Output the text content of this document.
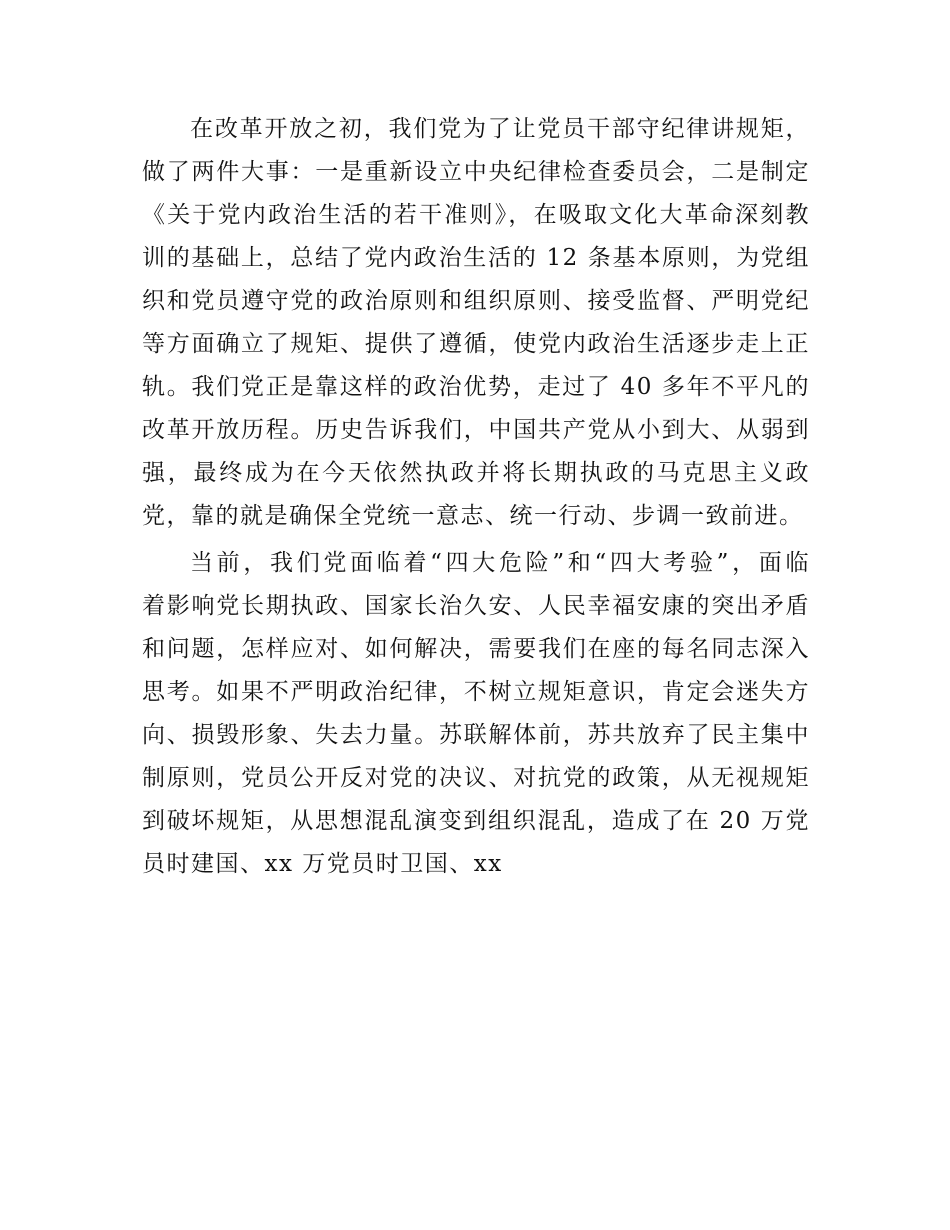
在改革开放之初，我们党为了让党员干部守纪律讲规矩，
做了两件大事：一是重新设立中央纪律检查委员会，二是制定
《关于党内政治生活的若干准则》，在吸取文化大革命深刻教
训的基础上，总结了党内政治生活的 12 条基本原则，为党组
织和党员遵守党的政治原则和组织原则、接受监督、严明党纪
等方面确立了规矩、提供了遵循，使党内政治生活逐步走上正
轨。我们党正是靠这样的政治优势，走过了 40 多年不平凡的
改革开放历程。历史告诉我们，中国共产党从小到大、从弱到
强，最终成为在今天依然执政并将长期执政的马克思主义政
党，靠的就是确保全党统一意志、统一行动、步调一致前进。

当前，我们党面临着“四大危险”和“四大考验”，面临
着影响党长期执政、国家长治久安、人民幸福安康的突出矛盾
和问题，怎样应对、如何解决，需要我们在座的每名同志深入
思考。如果不严明政治纪律，不树立规矩意识，肯定会迷失方
向、损毁形象、失去力量。苏联解体前，苏共放弃了民主集中
制原则，党员公开反对党的决议、对抗党的政策，从无视规矩
到破坏规矩，从思想混乱演变到组织混乱，造成了在 20 万党
员时建国、xx 万党员时卫国、xx
